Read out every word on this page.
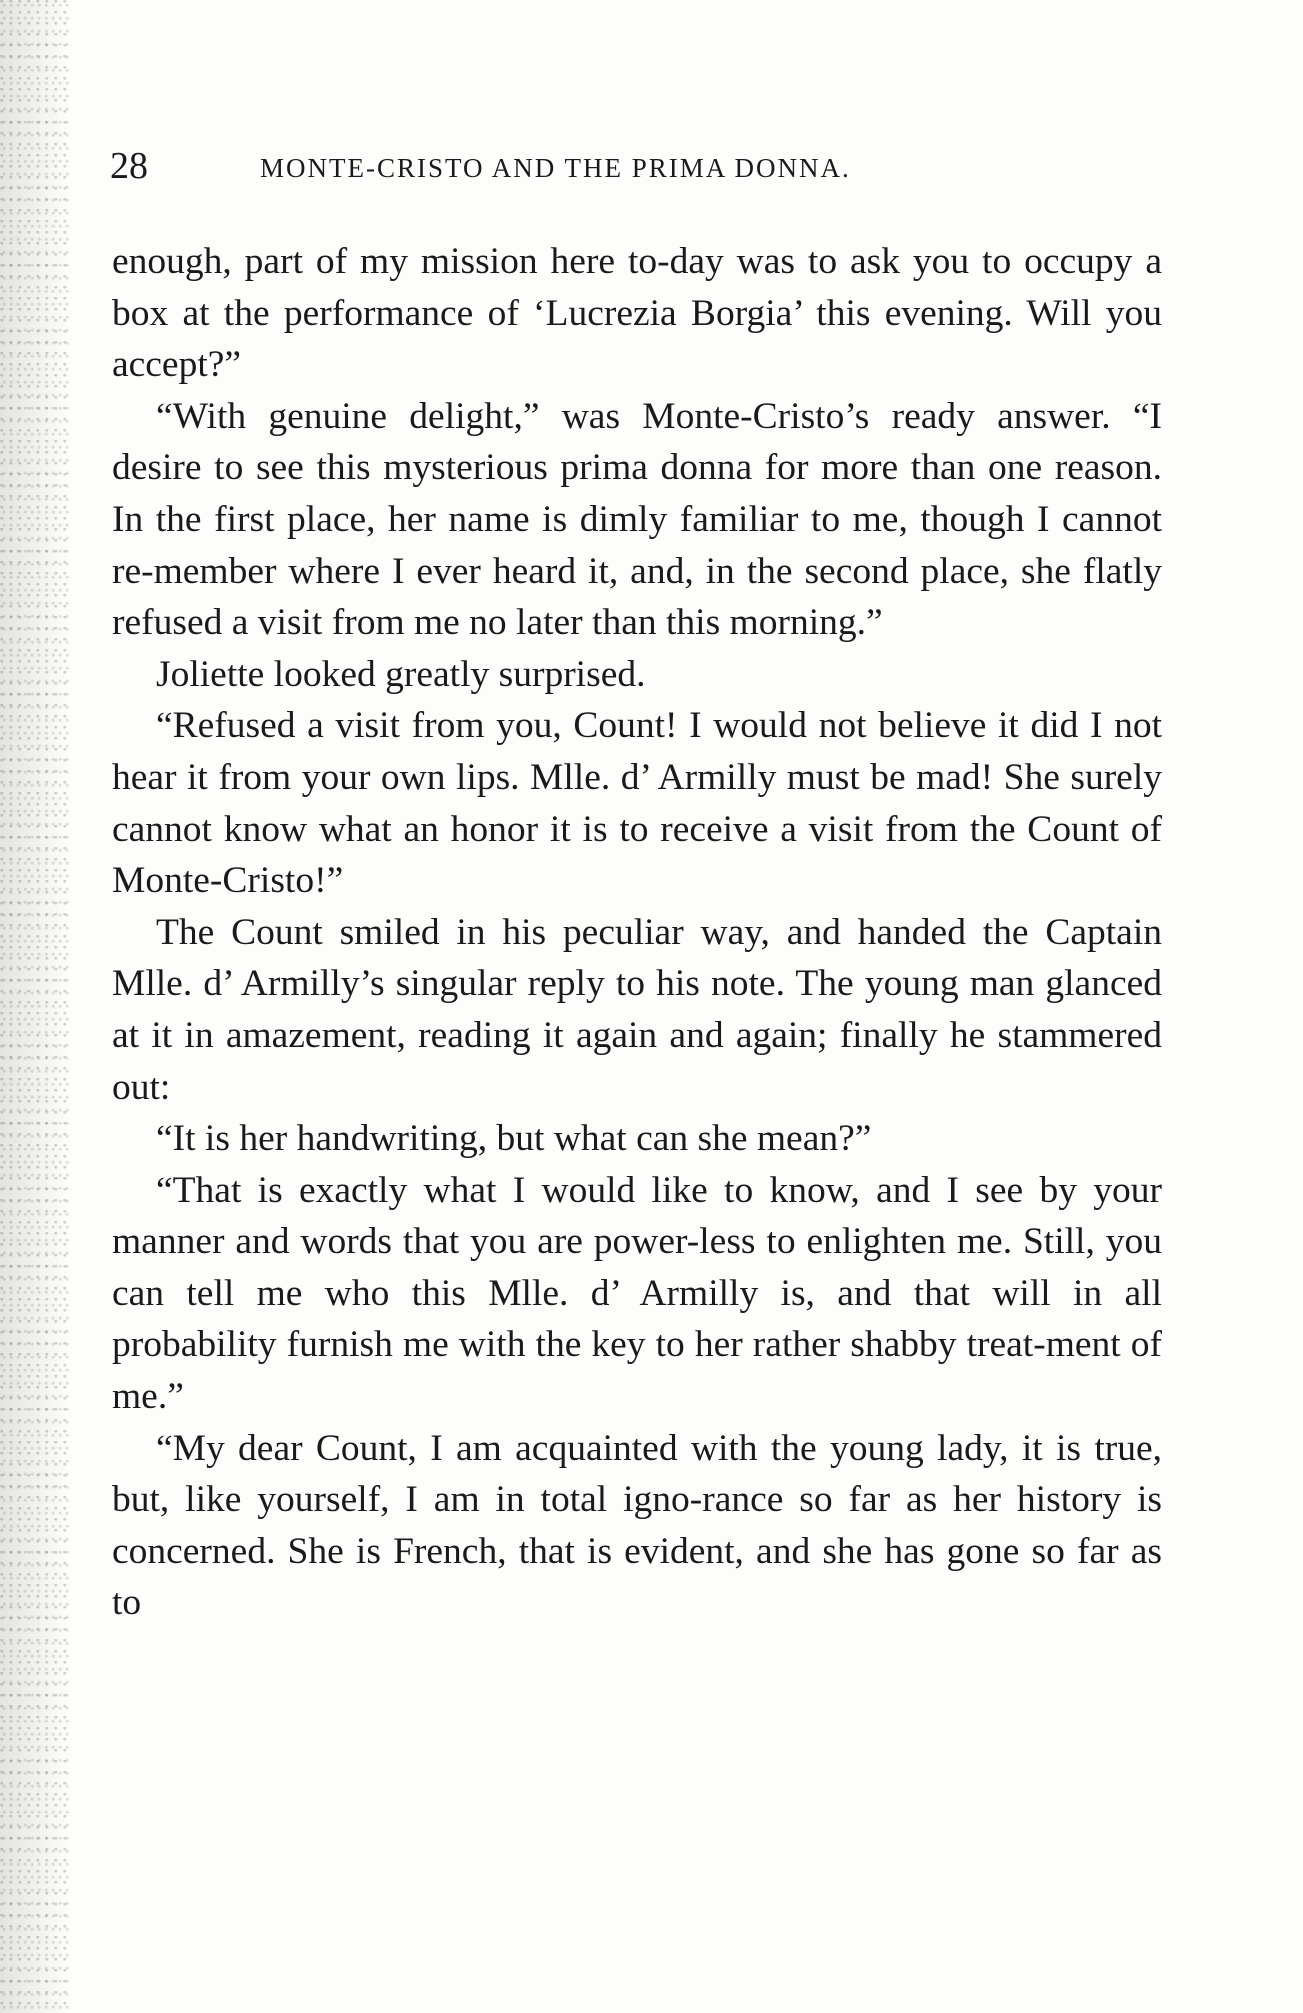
28	MONTE-CRISTO AND THE PRIMA DONNA.

enough, part of my mission here to-day was to ask you to occupy a box at the performance of ‘Lucrezia Borgia’ this evening. Will you accept?”

“With genuine delight,” was Monte-Cristo’s ready answer. “I desire to see this mysterious prima donna for more than one reason. In the first place, her name is dimly familiar to me, though I cannot re-member where I ever heard it, and, in the second place, she flatly refused a visit from me no later than this morning.”

Joliette looked greatly surprised.

“Refused a visit from you, Count! I would not believe it did I not hear it from your own lips. Mlle. d’ Armilly must be mad! She surely cannot know what an honor it is to receive a visit from the Count of Monte-Cristo!”

The Count smiled in his peculiar way, and handed the Captain Mlle. d’ Armilly’s singular reply to his note. The young man glanced at it in amazement, reading it again and again; finally he stammered out:

“It is her handwriting, but what can she mean?”

“That is exactly what I would like to know, and I see by your manner and words that you are power-less to enlighten me. Still, you can tell me who this Mlle. d’ Armilly is, and that will in all probability furnish me with the key to her rather shabby treat-ment of me.”

“My dear Count, I am acquainted with the young lady, it is true, but, like yourself, I am in total igno-rance so far as her history is concerned. She is French, that is evident, and she has gone so far as to
